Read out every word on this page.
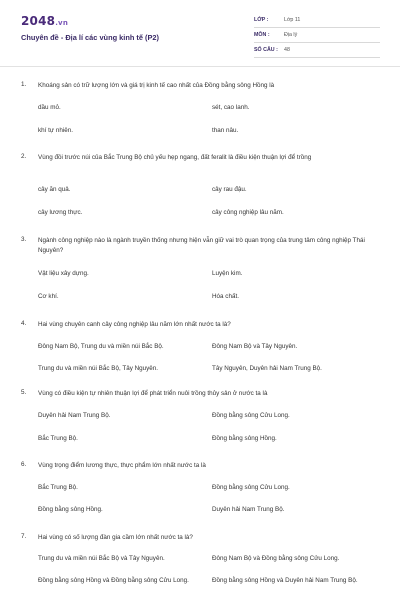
2048.vn
Chuyên đề - Địa lí các vùng kinh tế (P2)
LỚP :	Lớp 11
MÔN :	Địa lý
SỐ CÂU : 48
1. Khoáng sản có trữ lượng lớn và giá trị kinh tế cao nhất của Đồng bằng sông Hồng là
dầu mỏ.	sét, cao lanh.
khí tự nhiên.	than nâu.
2. Vùng đồi trước núi của Bắc Trung Bộ chủ yếu hẹp ngang, đất feralit là điều kiện thuận lợi để trồng
cây ăn quả.	cây rau đậu.
cây lương thực.	cây công nghiệp lâu năm.
3. Ngành công nghiệp nào là ngành truyền thống nhưng hiện vẫn giữ vai trò quan trọng của trung tâm công nghiệp Thái Nguyên?
Vật liệu xây dựng.	Luyện kim.
Cơ khí.	Hóa chất.
4. Hai vùng chuyên canh cây công nghiệp lâu năm lớn nhất nước ta là?
Đông Nam Bộ, Trung du và miền núi Bắc Bộ.	Đông Nam Bộ và Tây Nguyên.
Trung du và miền núi Bắc Bộ, Tây Nguyên.	Tây Nguyên, Duyên hải Nam Trung Bộ.
5. Vùng có điều kiện tự nhiên thuận lợi để phát triển nuôi trồng thủy sản ở nước ta là
Duyên hải Nam Trung Bộ.	Đồng bằng sông Cửu Long.
Bắc Trung Bộ.	Đồng bằng sông Hồng.
6. Vùng trọng điểm lương thực, thực phẩm lớn nhất nước ta là
Bắc Trung Bộ.	Đồng bằng sông Cửu Long.
Đồng bằng sông Hồng.	Duyên hải Nam Trung Bộ.
7. Hai vùng có số lượng đàn gia cầm lớn nhất nước ta là?
Trung du và miền núi Bắc Bộ và Tây Nguyên.	Đông Nam Bộ và Đồng bằng sông Cửu Long.
Đồng bằng sông Hồng và Đồng bằng sông Cửu Long.	Đồng bằng sông Hồng và Duyên hải Nam Trung Bộ.
